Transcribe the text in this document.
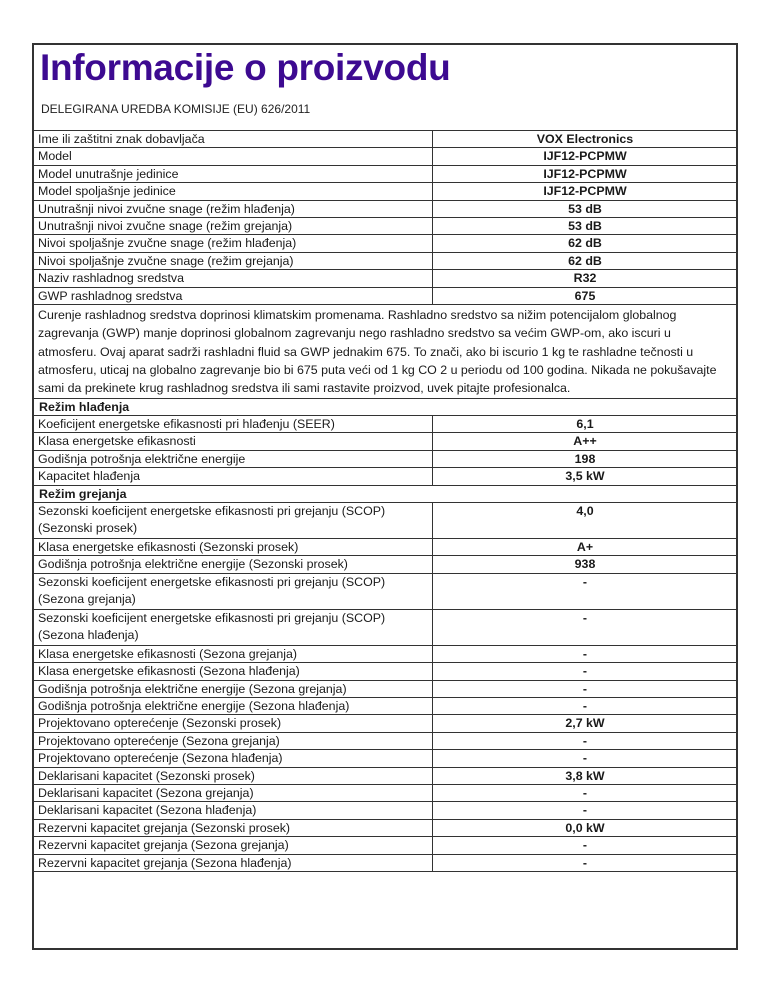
Informacije o proizvodu
DELEGIRANA UREDBA KOMISIJE (EU) 626/2011
Ime ili zaštitni znak dobavljača	VOX Electronics
Model	IJF12-PCPMW
Model unutrašnje jedinice	IJF12-PCPMW
Model spoljašnje jedinice	IJF12-PCPMW
Unutrašnji nivoi zvučne snage (režim hlađenja)	53 dB
Unutrašnji nivoi zvučne snage (režim grejanja)	53 dB
Nivoi spoljašnje zvučne snage (režim hlađenja)	62 dB
Nivoi spoljašnje zvučne snage (režim grejanja)	62 dB
Naziv rashladnog sredstva	R32
GWP rashladnog sredstva	675
Curenje rashladnog sredstva doprinosi klimatskim promenama. Rashladno sredstvo sa nižim potencijalom globalnog zagrevanja (GWP) manje doprinosi globalnom zagrevanju nego rashladno sredstvo sa većim GWP-om, ako iscuri u atmosferu. Ovaj aparat sadrži rashladni fluid sa GWP jednakim 675. To znači, ako bi iscurio 1 kg te rashladne tečnosti u atmosferu, uticaj na globalno zagrevanje bio bi 675 puta veći od 1 kg CO 2 u periodu od 100 godina. Nikada ne pokušavajte sami da prekinete krug rashladnog sredstva ili sami rastavite proizvod, uvek pitajte profesionalca.	
Režim hlađenja	
Koeficijent energetske efikasnosti pri hlađenju (SEER)	6,1
Klasa energetske efikasnosti	A++
Godišnja potrošnja električne energije	198
Kapacitet hlađenja	3,5 kW
Režim grejanja	
Sezonski koeficijent energetske efikasnosti pri grejanju (SCOP) (Sezonski prosek)	4,0
Klasa energetske efikasnosti (Sezonski prosek)	A+
Godišnja potrošnja električne energije (Sezonski prosek)	938
Sezonski koeficijent energetske efikasnosti pri grejanju (SCOP) (Sezona grejanja)	-
Sezonski koeficijent energetske efikasnosti pri grejanju (SCOP) (Sezona hlađenja)	-
Klasa energetske efikasnosti (Sezona grejanja)	-
Klasa energetske efikasnosti (Sezona hlađenja)	-
Godišnja potrošnja električne energije (Sezona grejanja)	-
Godišnja potrošnja električne energije (Sezona hlađenja)	-
Projektovano opterećenje (Sezonski prosek)	2,7 kW
Projektovano opterećenje (Sezona grejanja)	-
Projektovano opterećenje (Sezona hlađenja)	-
Deklarisani kapacitet (Sezonski prosek)	3,8 kW
Deklarisani kapacitet (Sezona grejanja)	-
Deklarisani kapacitet (Sezona hlađenja)	-
Rezervni kapacitet grejanja (Sezonski prosek)	0,0 kW
Rezervni kapacitet grejanja (Sezona grejanja)	-
Rezervni kapacitet grejanja (Sezona hlađenja)	-
